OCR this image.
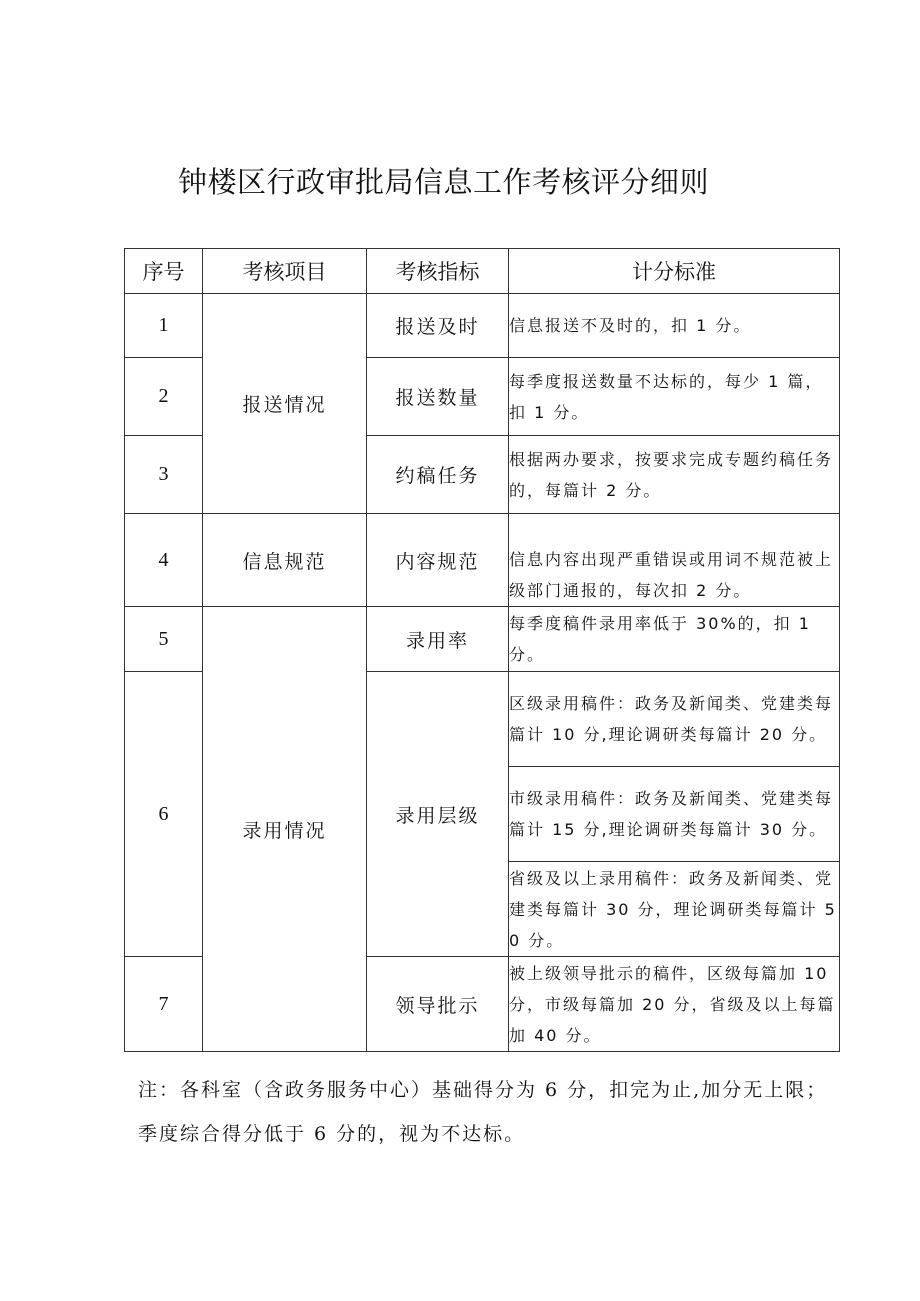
钟楼区行政审批局信息工作考核评分细则
序号	考核项目	考核指标	计分标准
1	报送情况	报送及时	信息报送不及时的，扣 1 分。
2		报送数量	每季度报送数量不达标的，每少 1 篇，扣 1 分。
3		约稿任务	根据两办要求，按要求完成专题约稿任务的，每篇计 2 分。
4	信息规范	内容规范	信息内容出现严重错误或用词不规范被上级部门通报的，每次扣 2 分。
5	录用情况	录用率	每季度稿件录用率低于 30%的，扣 1 分。
6		录用层级	区级录用稿件：政务及新闻类、党建类每篇计 10 分,理论调研类每篇计 20 分。
			市级录用稿件：政务及新闻类、党建类每篇计 15 分,理论调研类每篇计 30 分。
			省级及以上录用稿件：政务及新闻类、党建类每篇计 30 分，理论调研类每篇计 50 分。
7		领导批示	被上级领导批示的稿件，区级每篇加 10 分，市级每篇加 20 分，省级及以上每篇加 40 分。
注：各科室（含政务服务中心）基础得分为 6 分，扣完为止,加分无上限；季度综合得分低于 6 分的，视为不达标。
